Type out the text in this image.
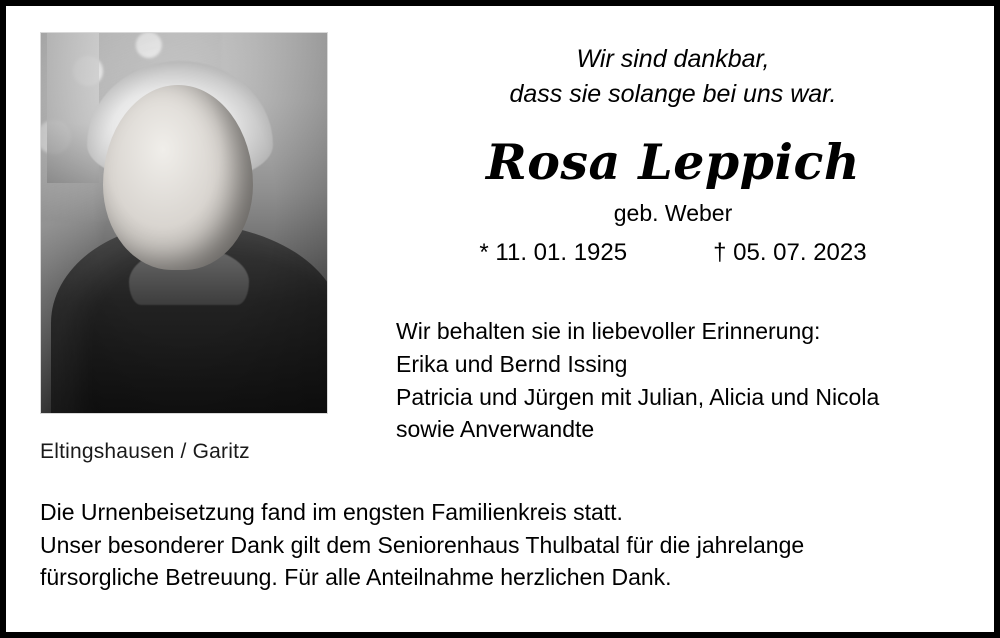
Eltingshausen / Garitz
Wir sind dankbar,
dass sie solange bei uns war.
Rosa Leppich
geb. Weber
* 11. 01. 1925	† 05. 07. 2023
Wir behalten sie in liebevoller Erinnerung:
Erika und Bernd Issing
Patricia und Jürgen mit Julian, Alicia und Nicola
sowie Anverwandte
Die Urnenbeisetzung fand im engsten Familienkreis statt.
Unser besonderer Dank gilt dem Seniorenhaus Thulbatal für die jahrelange
fürsorgliche Betreuung. Für alle Anteilnahme herzlichen Dank.
